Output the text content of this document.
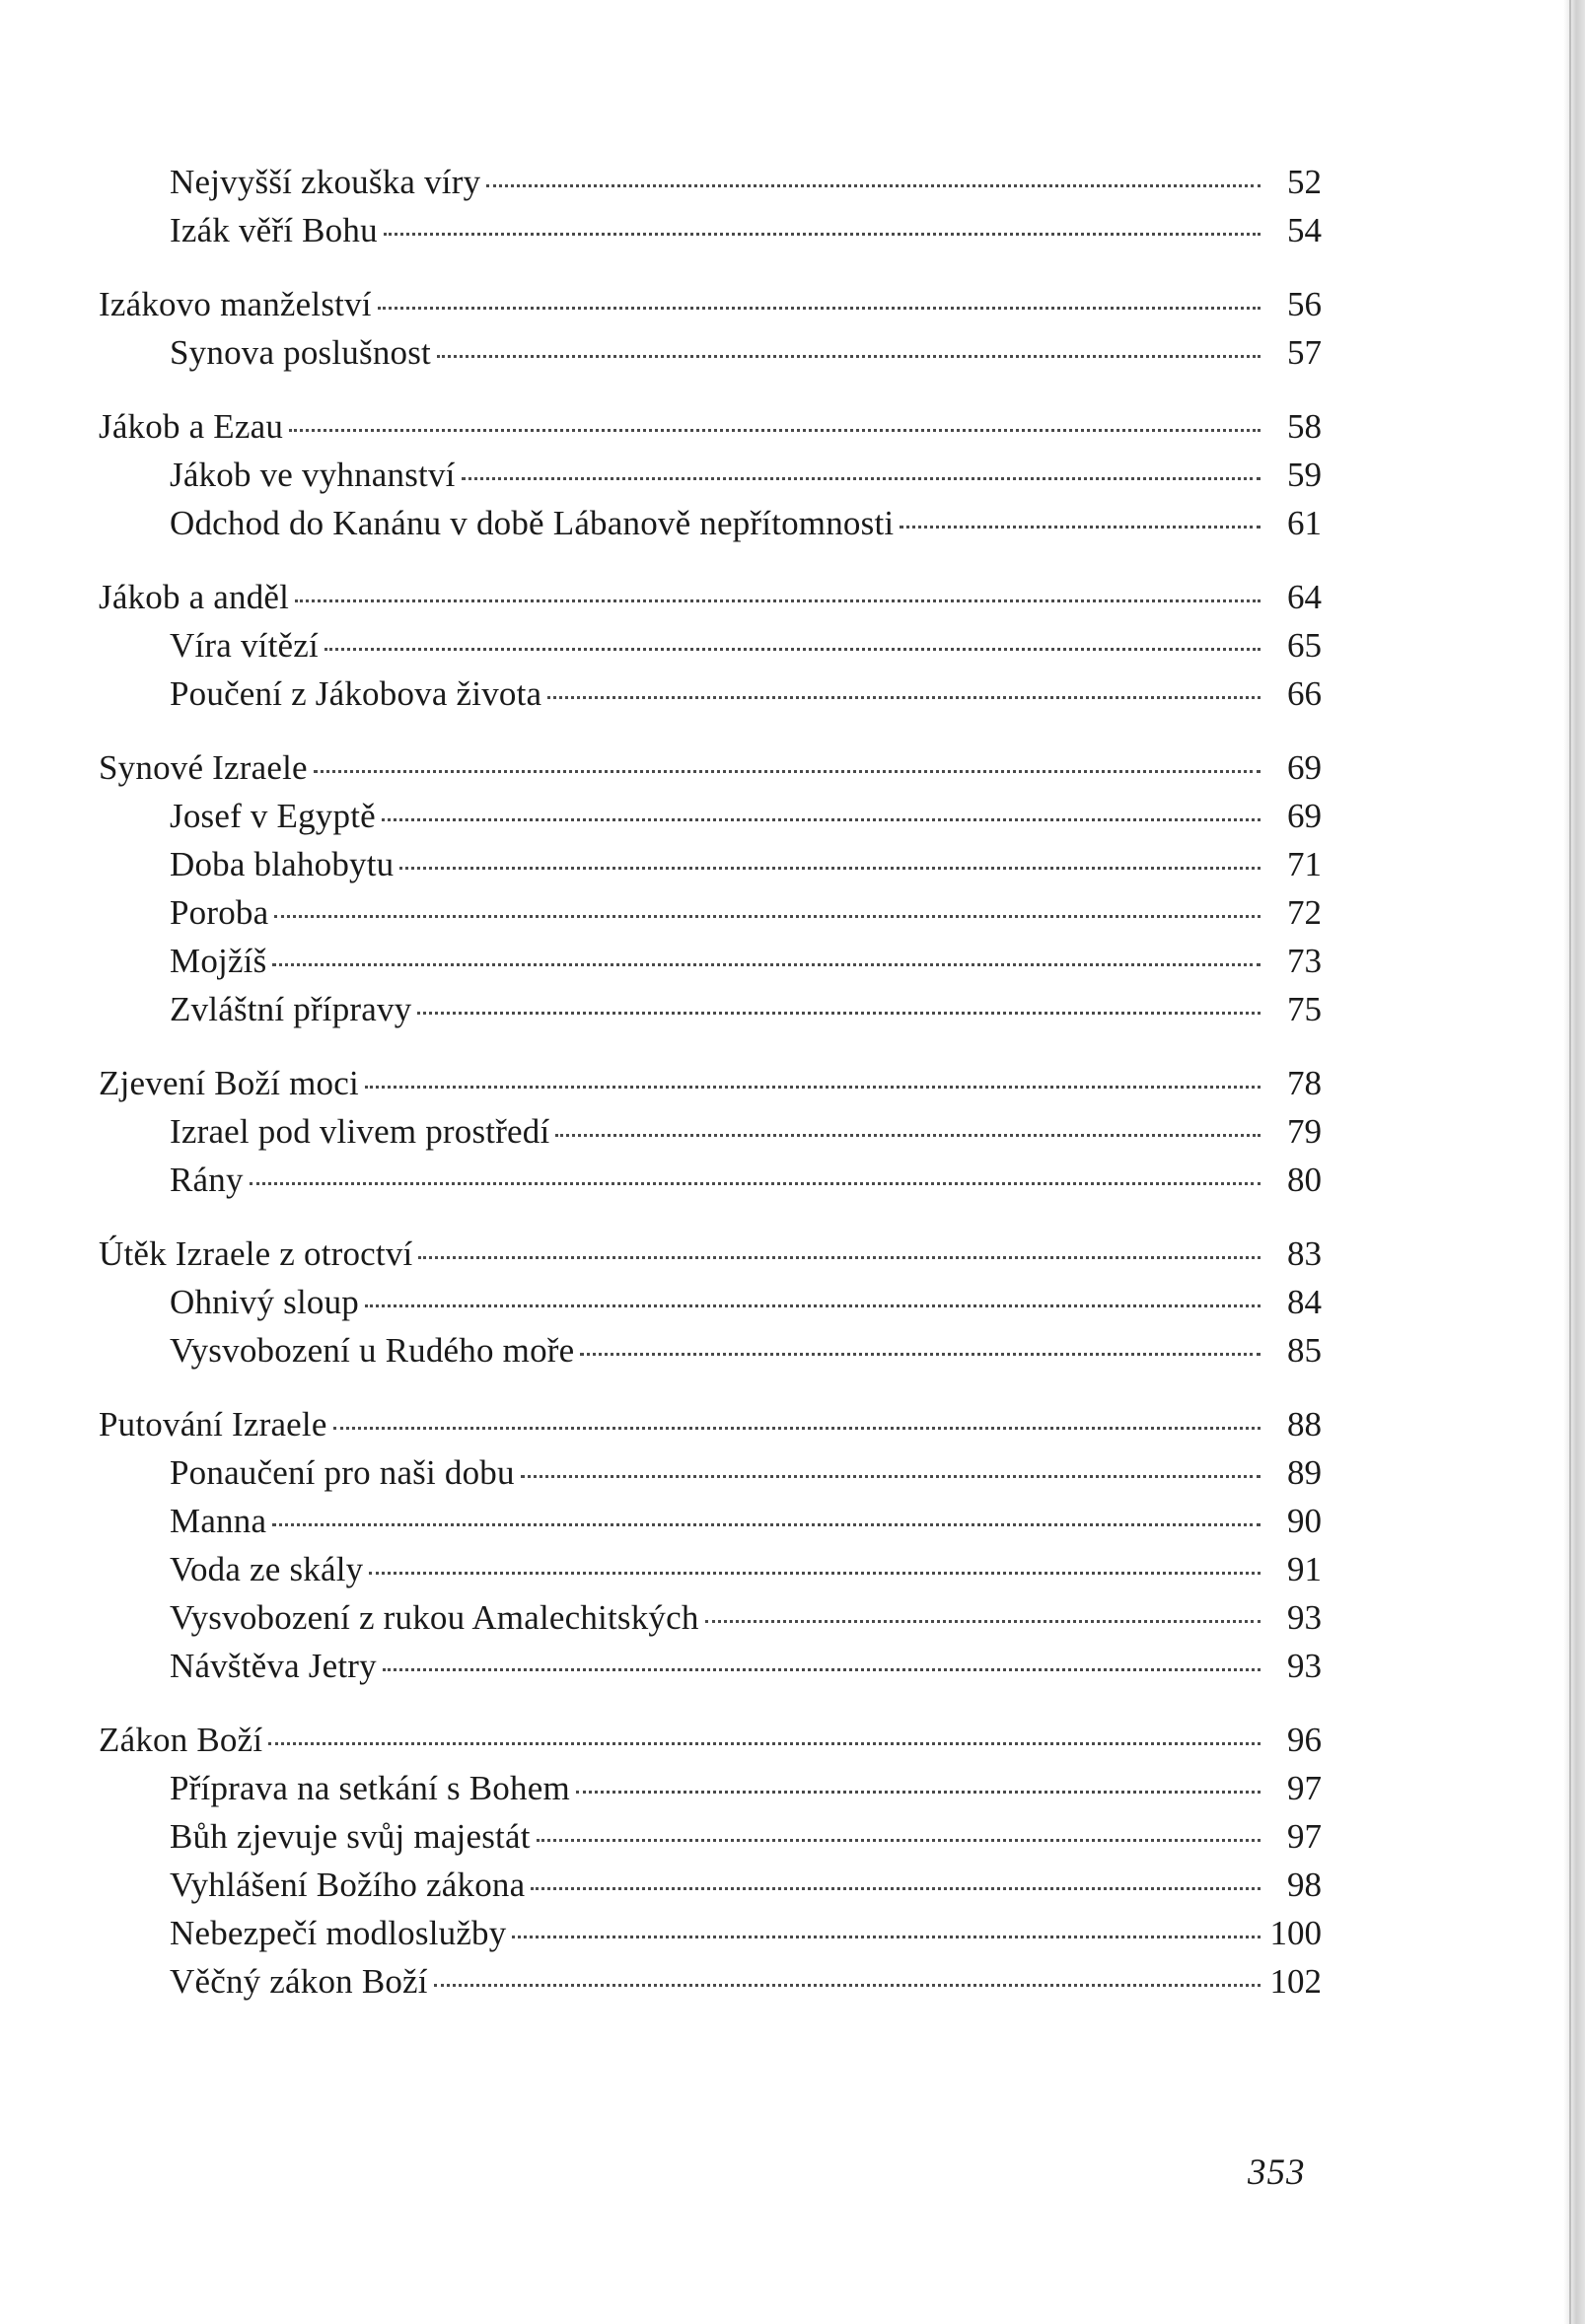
Nejvyšší zkouška víry	52
Izák věří Bohu	54
Izákovo manželství	56
Synova poslušnost	57
Jákob a Ezau	58
Jákob ve vyhnanství	59
Odchod do Kanánu v době Lábanově nepřítomnosti	61
Jákob a anděl	64
Víra vítězí	65
Poučení z Jákobova života	66
Synové Izraele	69
Josef v Egyptě	69
Doba blahobytu	71
Poroba	72
Mojžíš	73
Zvláštní přípravy	75
Zjevení Boží moci	78
Izrael pod vlivem prostředí	79
Rány	80
Útěk Izraele z otroctví	83
Ohnivý sloup	84
Vysvobození u Rudého moře	85
Putování Izraele	88
Ponaučení pro naši dobu	89
Manna	90
Voda ze skály	91
Vysvobození z rukou Amalechitských	93
Návštěva Jetry	93
Zákon Boží	96
Příprava na setkání s Bohem	97
Bůh zjevuje svůj majestát	97
Vyhlášení Božího zákona	98
Nebezpečí modloslužby	100
Věčný zákon Boží	102
353
